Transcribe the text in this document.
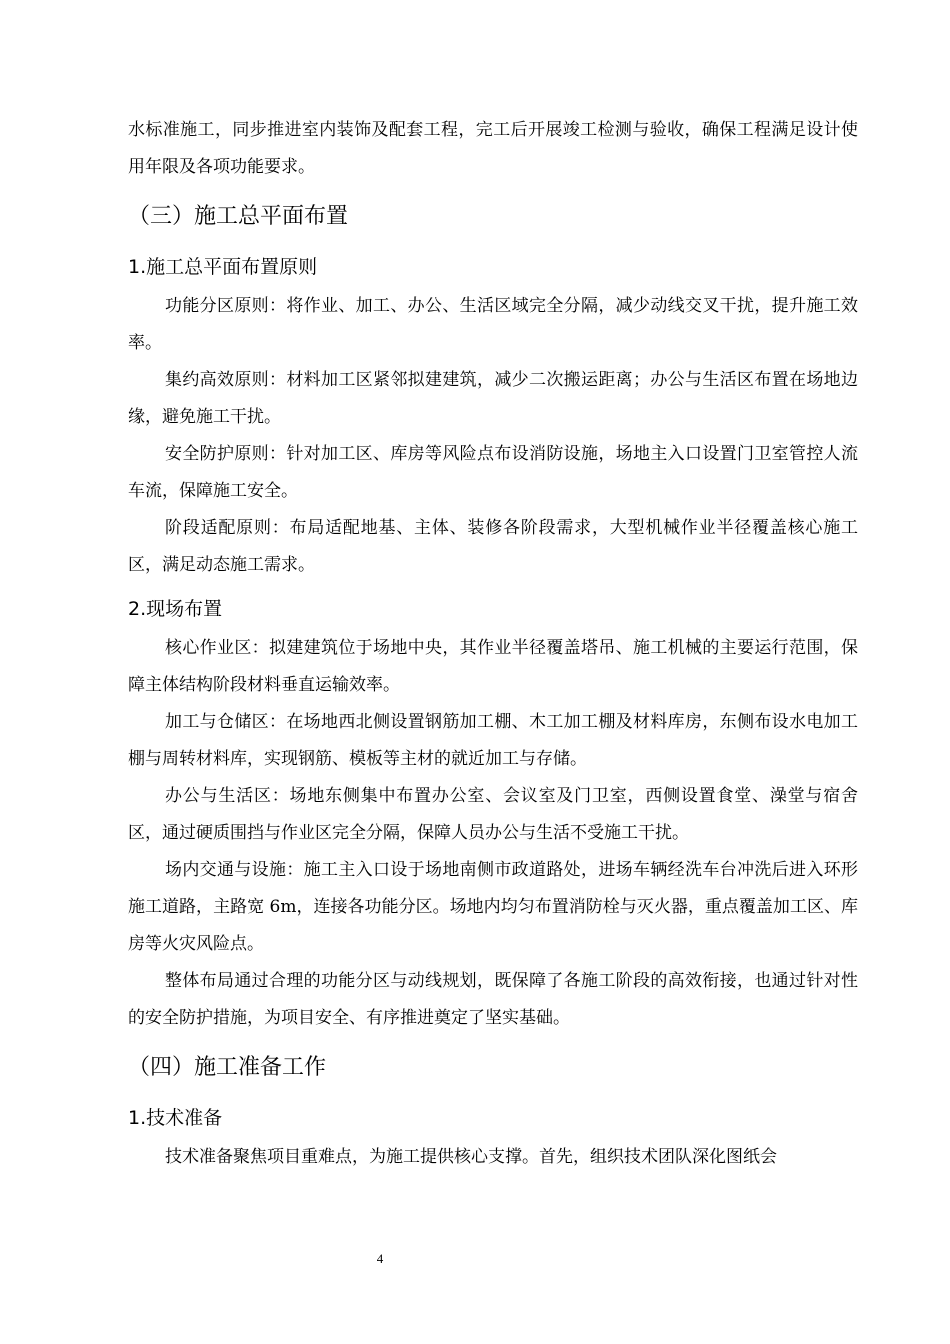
水标准施工，同步推进室内装饰及配套工程，完工后开展竣工检测与验收，确保工程满足设计使用年限及各项功能要求。

（三）施工总平面布置
1.施工总平面布置原则

功能分区原则：将作业、加工、办公、生活区域完全分隔，减少动线交叉干扰，提升施工效率。

集约高效原则：材料加工区紧邻拟建建筑，减少二次搬运距离；办公与生活区布置在场地边缘，避免施工干扰。

安全防护原则：针对加工区、库房等风险点布设消防设施，场地主入口设置门卫室管控人流车流，保障施工安全。

阶段适配原则：布局适配地基、主体、装修各阶段需求，大型机械作业半径覆盖核心施工区，满足动态施工需求。

2.现场布置

核心作业区：拟建建筑位于场地中央，其作业半径覆盖塔吊、施工机械的主要运行范围，保障主体结构阶段材料垂直运输效率。

加工与仓储区：在场地西北侧设置钢筋加工棚、木工加工棚及材料库房，东侧布设水电加工棚与周转材料库，实现钢筋、模板等主材的就近加工与存储。

办公与生活区：场地东侧集中布置办公室、会议室及门卫室，西侧设置食堂、澡堂与宿舍区，通过硬质围挡与作业区完全分隔，保障人员办公与生活不受施工干扰。

场内交通与设施：施工主入口设于场地南侧市政道路处，进场车辆经洗车台冲洗后进入环形施工道路，主路宽 6m，连接各功能分区。场地内均匀布置消防栓与灭火器，重点覆盖加工区、库房等火灾风险点。

整体布局通过合理的功能分区与动线规划，既保障了各施工阶段的高效衔接，也通过针对性的安全防护措施，为项目安全、有序推进奠定了坚实基础。

（四）施工准备工作
1.技术准备

技术准备聚焦项目重难点，为施工提供核心支撑。首先，组织技术团队深化图纸会

4
